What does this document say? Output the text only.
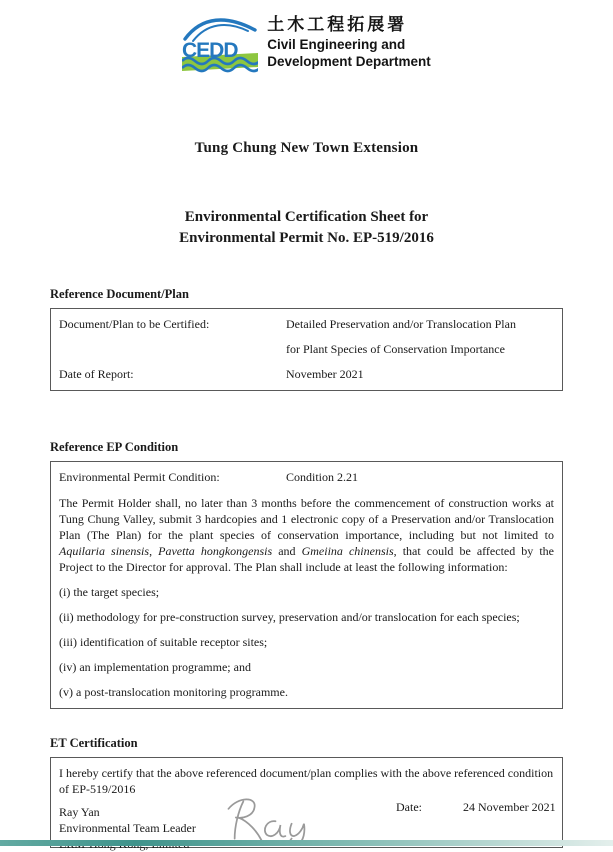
CEDD
土木工程拓展署
Civil Engineering and
Development Department
Tung Chung New Town Extension
Environmental Certification Sheet for
Environmental Permit No. EP-519/2016
Reference Document/Plan
Document/Plan to be Certified:	Detailed Preservation and/or Translocation Plan
for Plant Species of Conservation Importance
Date of Report:	November 2021
Reference EP Condition
Environmental Permit Condition:	Condition 2.21
The Permit Holder shall, no later than 3 months before the commencement of construction works at Tung Chung Valley, submit 3 hardcopies and 1 electronic copy of a Preservation and/or Translocation Plan (The Plan) for the plant species of conservation importance, including but not limited to Aquilaria sinensis, Pavetta hongkongensis and Gmeiina chinensis, that could be affected by the Project to the Director for approval. The Plan shall include at least the following information:
(i) the target species;
(ii) methodology for pre-construction survey, preservation and/or translocation for each species;
(iii) identification of suitable receptor sites;
(iv) an implementation programme; and
(v) a post-translocation monitoring programme.
ET Certification
I hereby certify that the above referenced document/plan complies with the above referenced condition of EP-519/2016
Ray Yan
Environmental Team Leader
Date:	24 November 2021
